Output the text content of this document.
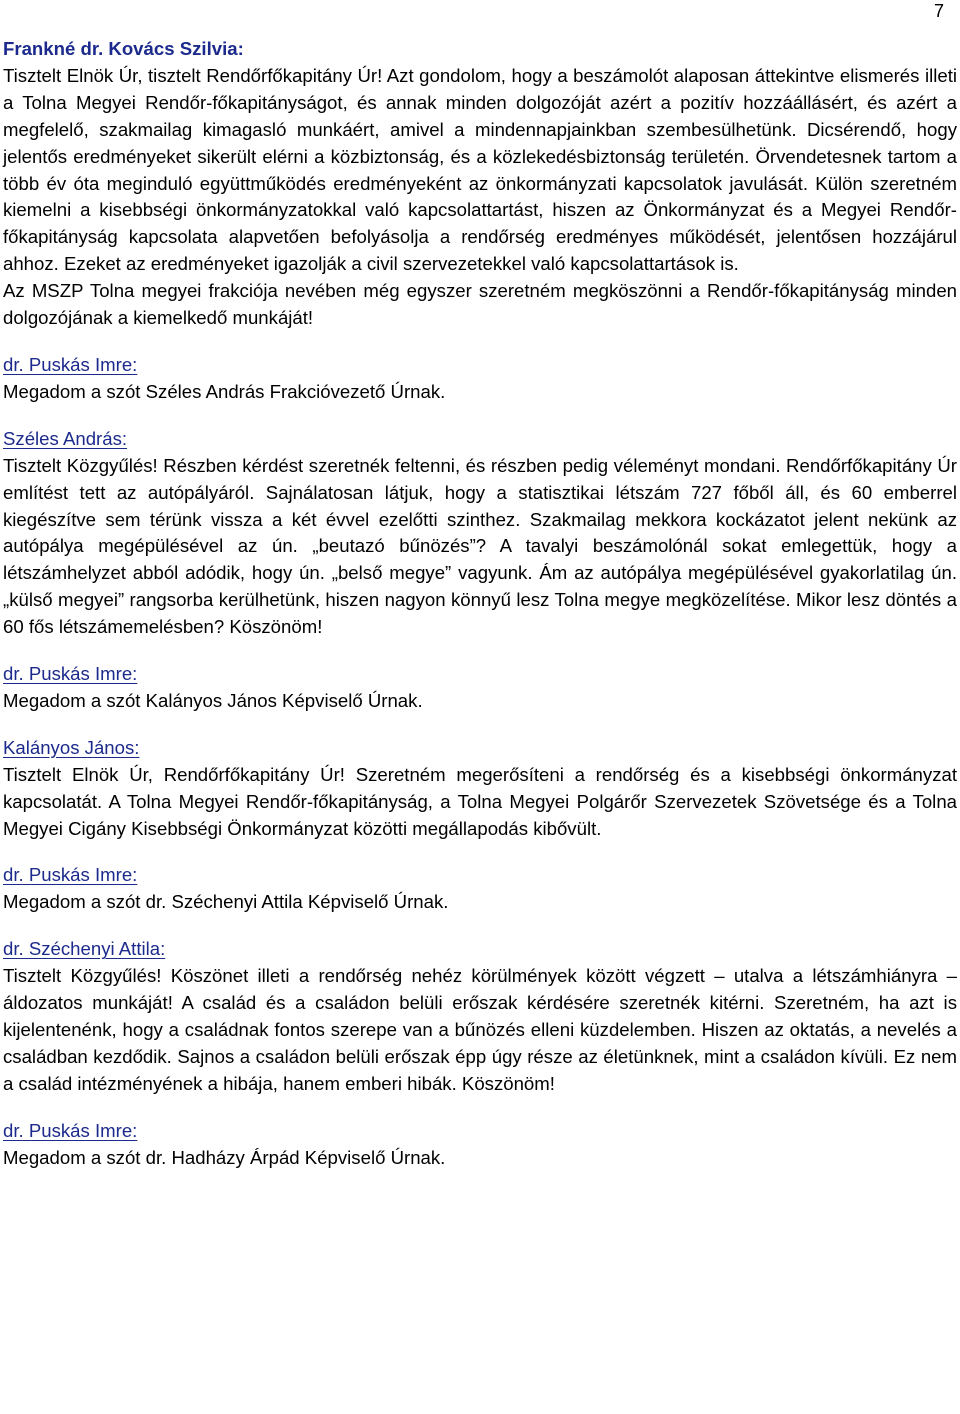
7
Frankné dr. Kovács Szilvia:
Tisztelt Elnök Úr, tisztelt Rendőrfőkapitány Úr! Azt gondolom, hogy a beszámolót alaposan áttekintve elismerés illeti a Tolna Megyei Rendőr-főkapitányságot, és annak minden dolgozóját azért a pozitív hozzáállásért, és azért a megfelelő, szakmailag kimagasló munkáért, amivel a mindennapjainkban szembesülhetünk. Dicsérendő, hogy jelentős eredményeket sikerült elérni a közbiztonság, és a közlekedésbiztonság területén. Örvendetesnek tartom a több év óta meginduló együttműködés eredményeként az önkormányzati kapcsolatok javulását. Külön szeretném kiemelni a kisebbségi önkormányzatokkal való kapcsolattartást, hiszen az Önkormányzat és a Megyei Rendőr-főkapitányság kapcsolata alapvetően befolyásolja a rendőrség eredményes működését, jelentősen hozzájárul ahhoz. Ezeket az eredményeket igazolják a civil szervezetekkel való kapcsolattartások is.
Az MSZP Tolna megyei frakciója nevében még egyszer szeretném megköszönni a Rendőr-főkapitányság minden dolgozójának a kiemelkedő munkáját!
dr. Puskás Imre:
Megadom a szót Széles András Frakcióvezető Úrnak.
Széles András:
Tisztelt Közgyűlés! Részben kérdést szeretnék feltenni, és részben pedig véleményt mondani. Rendőrfőkapitány Úr említést tett az autópályáról. Sajnálatosan látjuk, hogy a statisztikai létszám 727 főből áll, és 60 emberrel kiegészítve sem térünk vissza a két évvel ezelőtti szinthez. Szakmailag mekkora kockázatot jelent nekünk az autópálya megépülésével az ún. „beutazó bűnözés”? A tavalyi beszámolónál sokat emlegettük, hogy a létszámhelyzet abból adódik, hogy ún. „belső megye” vagyunk. Ám az autópálya megépülésével gyakorlatilag ún. „külső megyei” rangsorba kerülhetünk, hiszen nagyon könnyű lesz Tolna megye megközelítése. Mikor lesz döntés a 60 fős létszámemelésben? Köszönöm!
dr. Puskás Imre:
Megadom a szót Kalányos János Képviselő Úrnak.
Kalányos János:
Tisztelt Elnök Úr, Rendőrfőkapitány Úr! Szeretném megerősíteni a rendőrség és a kisebbségi önkormányzat kapcsolatát. A Tolna Megyei Rendőr-főkapitányság, a Tolna Megyei Polgárőr Szervezetek Szövetsége és a Tolna Megyei Cigány Kisebbségi Önkormányzat közötti megállapodás kibővült.
dr. Puskás Imre:
Megadom a szót dr. Széchenyi Attila Képviselő Úrnak.
dr. Széchenyi Attila:
Tisztelt Közgyűlés! Köszönet illeti a rendőrség nehéz körülmények között végzett – utalva a létszámhiányra – áldozatos munkáját! A család és a családon belüli erőszak kérdésére szeretnék kitérni. Szeretném, ha azt is kijelentenénk, hogy a családnak fontos szerepe van a bűnözés elleni küzdelemben. Hiszen az oktatás, a nevelés a családban kezdődik. Sajnos a családon belüli erőszak épp úgy része az életünknek, mint a családon kívüli. Ez nem a család intézményének a hibája, hanem emberi hibák. Köszönöm!
dr. Puskás Imre:
Megadom a szót dr. Hadházy Árpád Képviselő Úrnak.
